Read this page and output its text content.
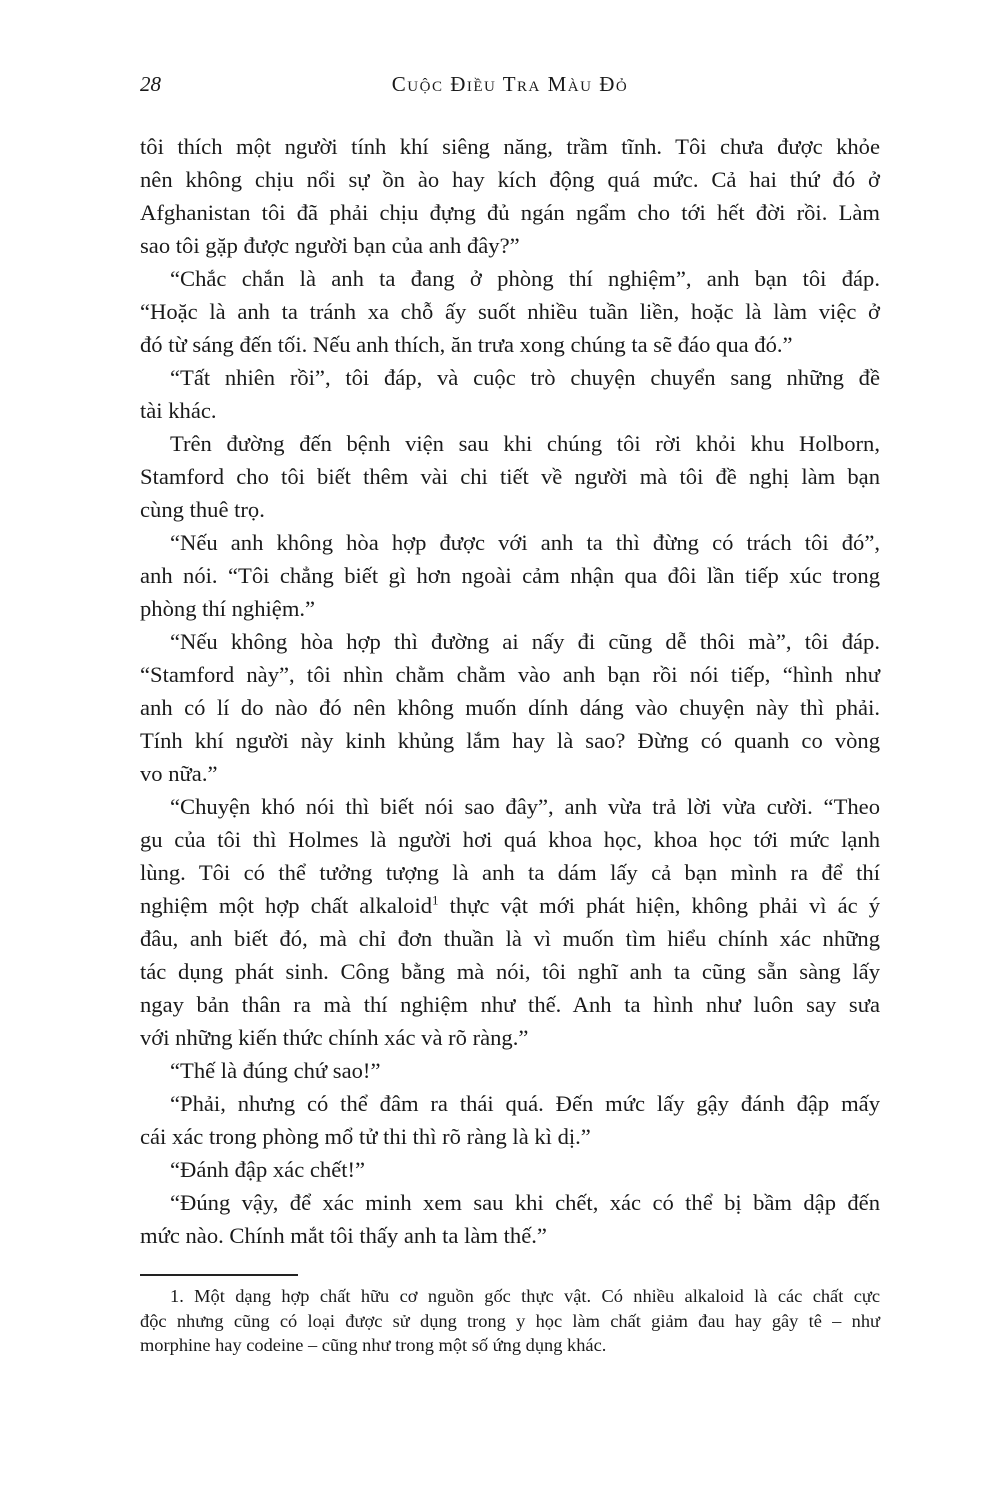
28	Cuộc Điều Tra Màu Đỏ
tôi thích một người tính khí siêng năng, trầm tĩnh. Tôi chưa được khỏe
nên không chịu nổi sự ồn ào hay kích động quá mức. Cả hai thứ đó ở
Afghanistan tôi đã phải chịu đựng đủ ngán ngẩm cho tới hết đời rồi. Làm
sao tôi gặp được người bạn của anh đây?”
“Chắc chắn là anh ta đang ở phòng thí nghiệm”, anh bạn tôi đáp.
“Hoặc là anh ta tránh xa chỗ ấy suốt nhiều tuần liền, hoặc là làm việc ở
đó từ sáng đến tối. Nếu anh thích, ăn trưa xong chúng ta sẽ đáo qua đó.”
“Tất nhiên rồi”, tôi đáp, và cuộc trò chuyện chuyển sang những đề
tài khác.
Trên đường đến bệnh viện sau khi chúng tôi rời khỏi khu Holborn,
Stamford cho tôi biết thêm vài chi tiết về người mà tôi đề nghị làm bạn
cùng thuê trọ.
“Nếu anh không hòa hợp được với anh ta thì đừng có trách tôi đó”,
anh nói. “Tôi chẳng biết gì hơn ngoài cảm nhận qua đôi lần tiếp xúc trong
phòng thí nghiệm.”
“Nếu không hòa hợp thì đường ai nấy đi cũng dễ thôi mà”, tôi đáp.
“Stamford này”, tôi nhìn chằm chằm vào anh bạn rồi nói tiếp, “hình như
anh có lí do nào đó nên không muốn dính dáng vào chuyện này thì phải.
Tính khí người này kinh khủng lắm hay là sao? Đừng có quanh co vòng
vo nữa.”
“Chuyện khó nói thì biết nói sao đây”, anh vừa trả lời vừa cười. “Theo
gu của tôi thì Holmes là người hơi quá khoa học, khoa học tới mức lạnh
lùng. Tôi có thể tưởng tượng là anh ta dám lấy cả bạn mình ra để thí
nghiệm một hợp chất alkaloid$^1$ thực vật mới phát hiện, không phải vì ác ý
đâu, anh biết đó, mà chỉ đơn thuần là vì muốn tìm hiểu chính xác những
tác dụng phát sinh. Công bằng mà nói, tôi nghĩ anh ta cũng sẵn sàng lấy
ngay bản thân ra mà thí nghiệm như thế. Anh ta hình như luôn say sưa
với những kiến thức chính xác và rõ ràng.”
“Thế là đúng chứ sao!”
“Phải, nhưng có thể đâm ra thái quá. Đến mức lấy gậy đánh đập mấy
cái xác trong phòng mổ tử thi thì rõ ràng là kì dị.”
“Đánh đập xác chết!”
“Đúng vậy, để xác minh xem sau khi chết, xác có thể bị bầm dập đến
mức nào. Chính mắt tôi thấy anh ta làm thế.”
1. Một dạng hợp chất hữu cơ nguồn gốc thực vật. Có nhiều alkaloid là các chất cực
độc nhưng cũng có loại được sử dụng trong y học làm chất giảm đau hay gây tê – như
morphine hay codeine – cũng như trong một số ứng dụng khác.
